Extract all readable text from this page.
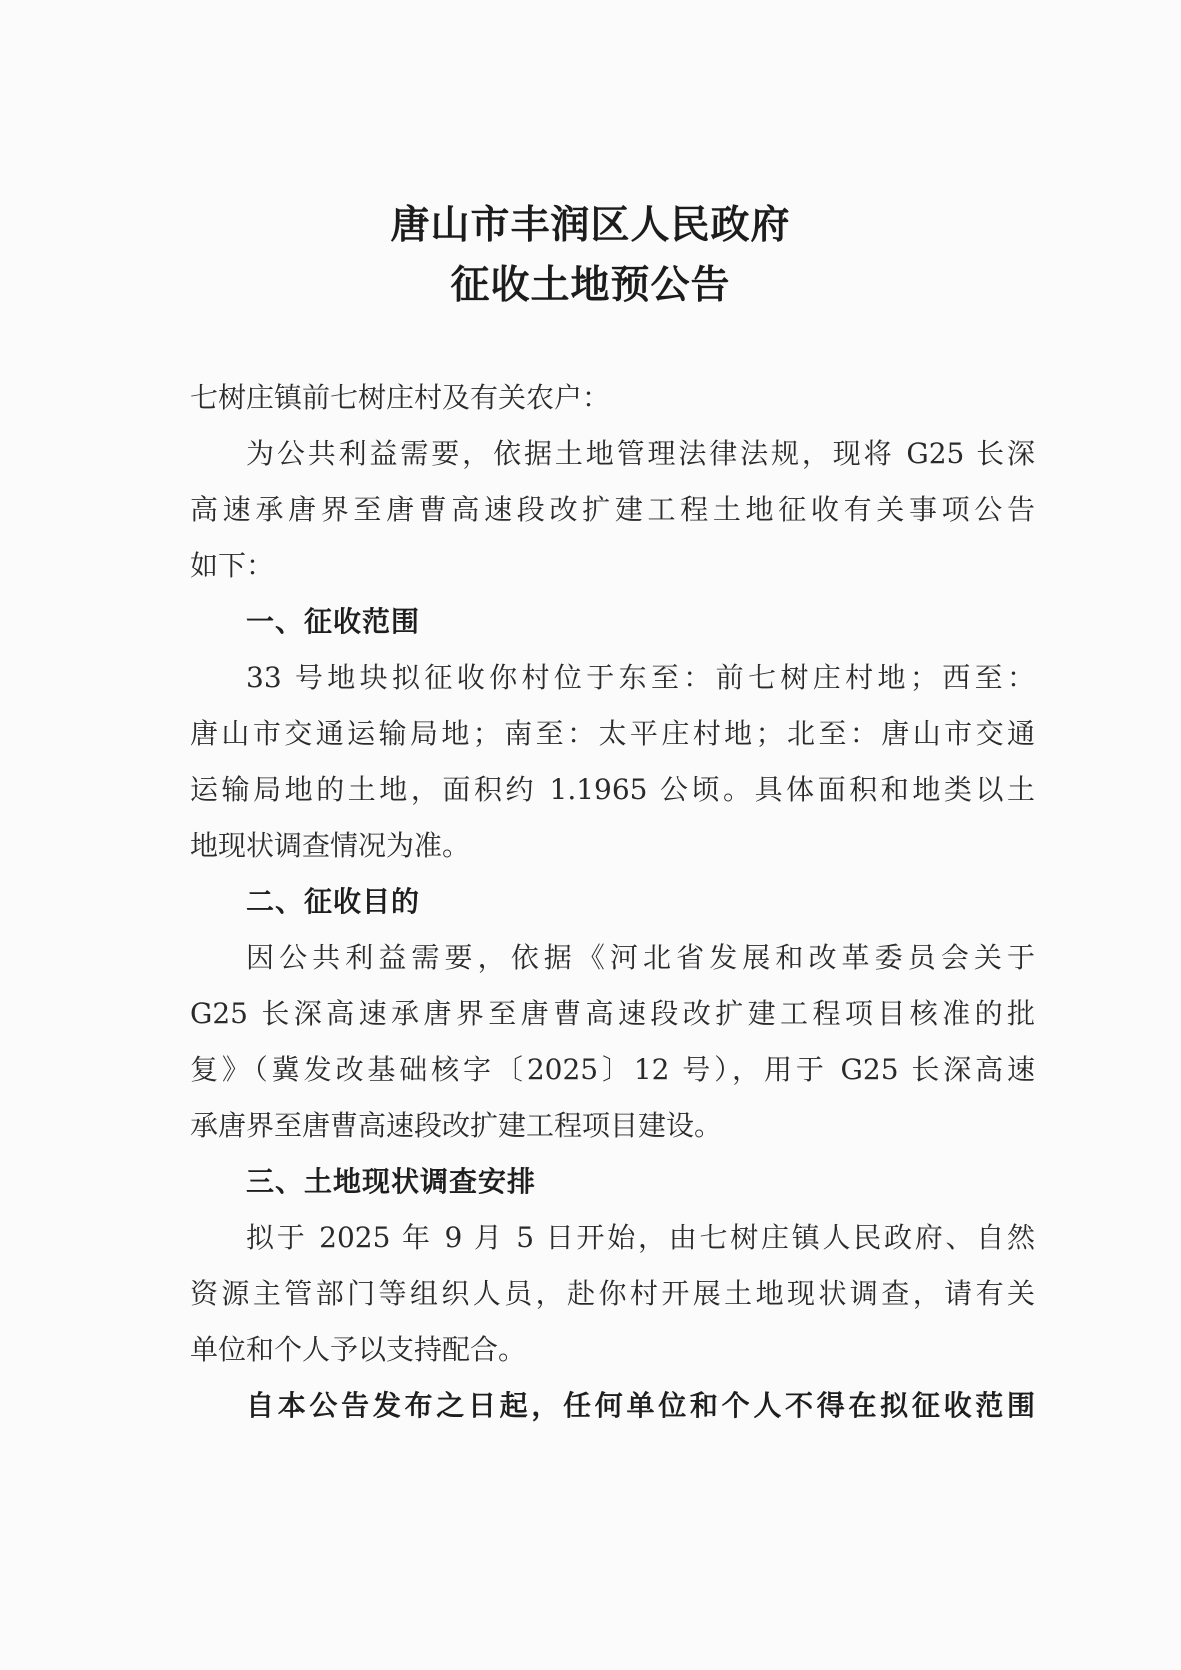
唐山市丰润区人民政府
征收土地预公告
七树庄镇前七树庄村及有关农户：
为公共利益需要，依据土地管理法律法规，现将 G25 长深
高速承唐界至唐曹高速段改扩建工程土地征收有关事项公告
如下：
一、征收范围
33 号地块拟征收你村位于东至：前七树庄村地；西至：
唐山市交通运输局地；南至：太平庄村地；北至：唐山市交通
运输局地的土地，面积约 1.1965 公顷。具体面积和地类以土
地现状调查情况为准。
二、征收目的
因公共利益需要，依据《河北省发展和改革委员会关于
G25 长深高速承唐界至唐曹高速段改扩建工程项目核准的批
复》（冀发改基础核字〔2025〕12 号），用于 G25 长深高速
承唐界至唐曹高速段改扩建工程项目建设。
三、土地现状调查安排
拟于 2025 年 9 月 5 日开始，由七树庄镇人民政府、自然
资源主管部门等组织人员，赴你村开展土地现状调查，请有关
单位和个人予以支持配合。
自本公告发布之日起，任何单位和个人不得在拟征收范围
